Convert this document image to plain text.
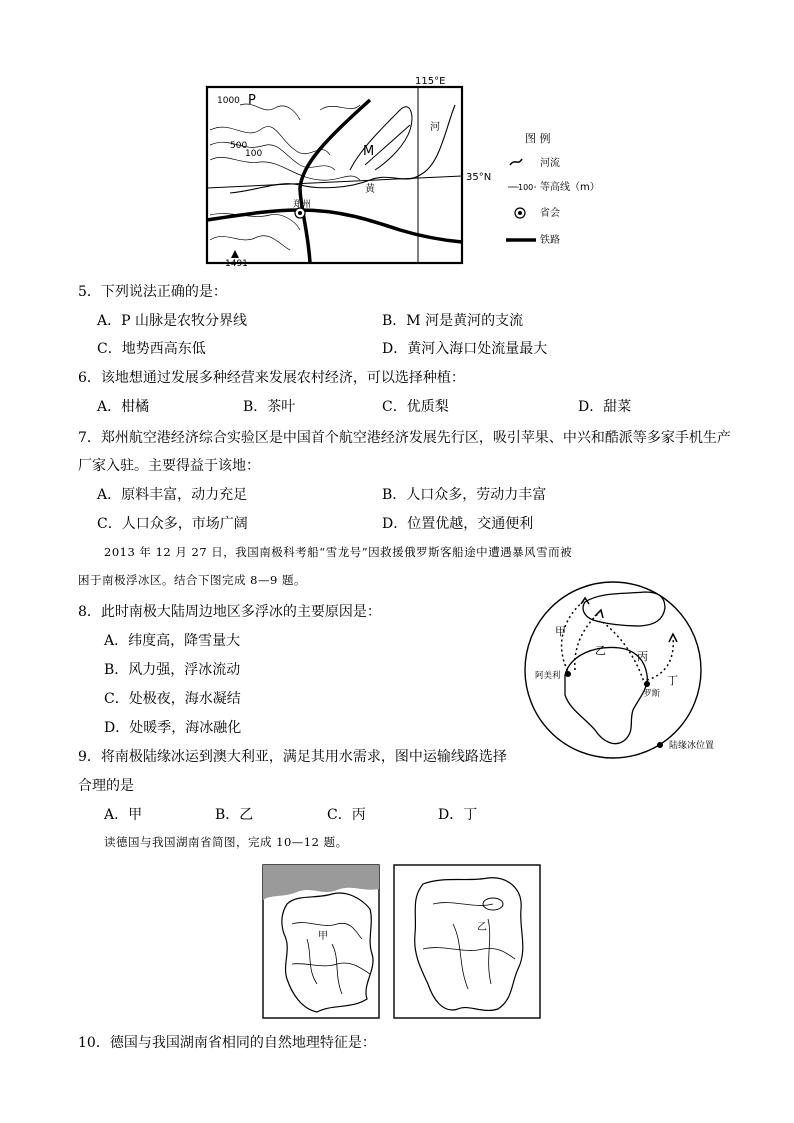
115°E
35°N
P
M
1000
500
100
河
黄
郑州
1491
图 例
河流
100 等高线（m）
省会
铁路
5．下列说法正确的是：
A．P 山脉是农牧分界线	B．M 河是黄河的支流
C．地势西高东低	D．黄河入海口处流量最大
6．该地想通过发展多种经营来发展农村经济，可以选择种植：
A．柑橘	B．茶叶	C．优质梨	D．甜菜
7．郑州航空港经济综合实验区是中国首个航空港经济发展先行区，吸引苹果、中兴和酷派等多家手机生产
厂家入驻。主要得益于该地：
A．原料丰富，动力充足	B．人口众多，劳动力丰富
C．人口众多，市场广阔	D．位置优越，交通便利
2013 年 12 月 27 日，我国南极科考船“雪龙号”因救援俄罗斯客船途中遭遇暴风雪而被
困于南极浮冰区。结合下图完成 8—9 题。
8．此时南极大陆周边地区多浮冰的主要原因是：
A．纬度高，降雪量大
B．风力强，浮冰流动
C．处极夜，海水凝结
D．处暖季，海冰融化
甲
乙	丙
丁
阿美利
罗斯
陆缘冰位置
9．将南极陆缘冰运到澳大利亚，满足其用水需求，图中运输线路选择
合理的是
A．甲	B．乙	C．丙	D．丁
读德国与我国湖南省简图，完成 10—12 题。
甲
乙
10．德国与我国湖南省相同的自然地理特征是：
